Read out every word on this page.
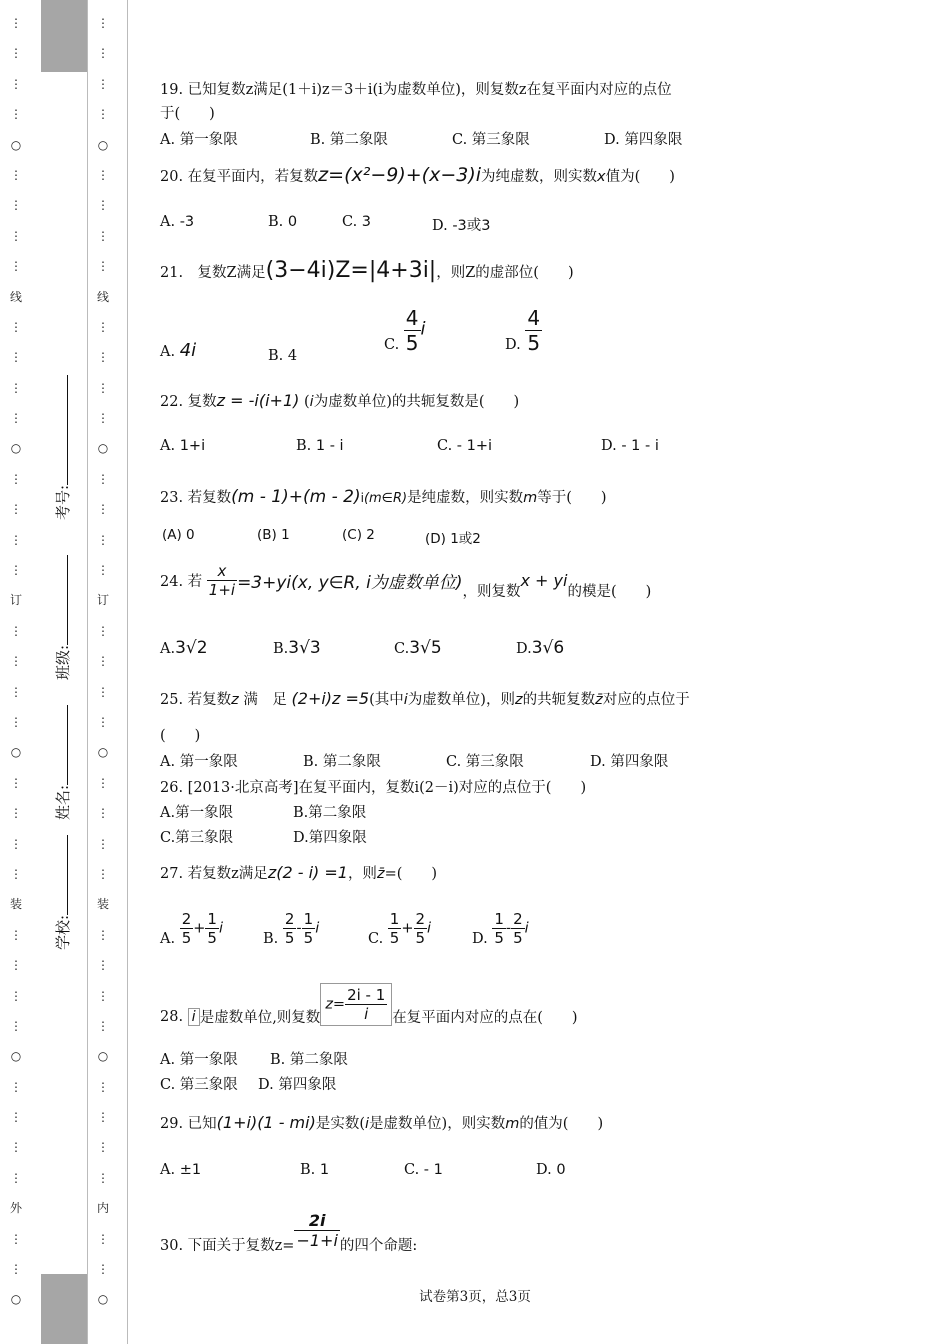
⋮
⋮
⋮
⋮
○
⋮
⋮
⋮
⋮
线
⋮
⋮
⋮
⋮
○
⋮
⋮
⋮
⋮
订
⋮
⋮
⋮
⋮
○
⋮
⋮
⋮
⋮
装
⋮
⋮
⋮
⋮
○
⋮
⋮
⋮
⋮
外
⋮
⋮
○
⋮
⋮
⋮
⋮
○
⋮
⋮
⋮
⋮
线
⋮
⋮
⋮
⋮
○
⋮
⋮
⋮
⋮
订
⋮
⋮
⋮
⋮
○
⋮
⋮
⋮
⋮
装
⋮
⋮
⋮
⋮
○
⋮
⋮
⋮
⋮
内
⋮
⋮
○
学校:
姓名:
班级:
考号:
19. 已知复数z满足(1＋i)z＝3＋i(i为虚数单位)，则复数z在复平面内对应的点位
于(　　)
A. 第一象限	B. 第二象限	C. 第三象限	D. 第四象限
20. 在复平面内，若复数z=(x²−9)+(x−3)i为纯虚数，则实数x值为(　　)
A. -3	B. 0	C. 3	D. -3或3
21.　复数Z满足(3−4i)Z=|4+3i|，则Z的虚部位(　　)
A. 4i	B. 4
C. $\frac{4}{5}$ i
D. $\frac{4}{5}$
22. 复数z = -i(i+1) (i为虚数单位)的共轭复数是(　　)
A. 1+i	B. 1 - i	C. - 1+i	D. - 1 - i
23. 若复数(m - 1)+(m - 2)i(m∈R)是纯虚数，则实数m等于(　　)
(A) 0	(B) 1	(C) 2	(D) 1或2
24. 若 $\frac{x}{1+i} =3+yi(x$, y∈R, i为虚数单位)，则复数x + yi的模是(　　)
A.3√2	B.3√3	C.3√5	D.3√6
25. 若复数z 满　足 (2+i)z =5(其中i为虚数单位)，则z的共轭复数z̄对应的点位于
(　　)
A. 第一象限	B. 第二象限	C. 第三象限	D. 第四象限
26. [2013·北京高考]在复平面内，复数i(2－i)对应的点位于(　　)
A.第一象限	B.第二象限
C.第三象限	D.第四象限
27. 若复数z满足z(2 - i) =1，则z̄=(　　)
A. $\frac{2}{5} + \frac{1}{5}$ i
B. $\frac{2}{5} - \frac{1}{5}$ i
C. $\frac{1}{5} + \frac{2}{5}$ i
D. $\frac{1}{5} - \frac{2}{5}$ i
28. i 是虚数单位,则复数$z= \frac{2i - 1}{i}$ 在复平面内对应的点在(　　)
A. 第一象限 B. 第二象限
C. 第三象限 D. 第四象限
29. 已知(1+i)(1 - mi)是实数(i是虚数单位)，则实数m的值为(　　)
A. ±1	B. 1	C. - 1	D. 0
30. 下面关于复数$z= \frac{2i}{-1+i}$ 的四个命题:
试卷第3页，总3页
